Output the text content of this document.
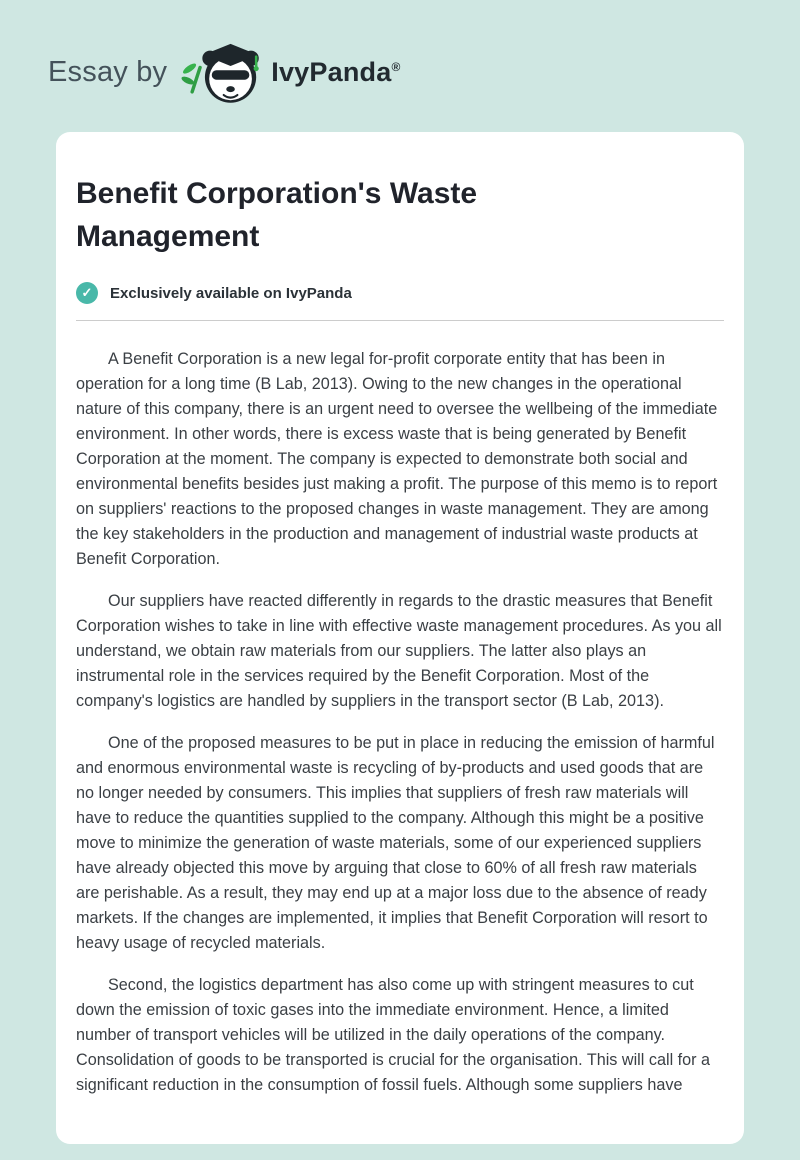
Essay by	IvyPanda®
Benefit Corporation's Waste Management
✓	Exclusively available on IvyPanda

A Benefit Corporation is a new legal for-profit corporate entity that has been in operation for a long time (B Lab, 2013). Owing to the new changes in the operational nature of this company, there is an urgent need to oversee the wellbeing of the immediate environment. In other words, there is excess waste that is being generated by Benefit Corporation at the moment. The company is expected to demonstrate both social and environmental benefits besides just making a profit. The purpose of this memo is to report on suppliers' reactions to the proposed changes in waste management. They are among the key stakeholders in the production and management of industrial waste products at Benefit Corporation.

Our suppliers have reacted differently in regards to the drastic measures that Benefit Corporation wishes to take in line with effective waste management procedures. As you all understand, we obtain raw materials from our suppliers. The latter also plays an instrumental role in the services required by the Benefit Corporation. Most of the company's logistics are handled by suppliers in the transport sector (B Lab, 2013).

One of the proposed measures to be put in place in reducing the emission of harmful and enormous environmental waste is recycling of by-products and used goods that are no longer needed by consumers. This implies that suppliers of fresh raw materials will have to reduce the quantities supplied to the company. Although this might be a positive move to minimize the generation of waste materials, some of our experienced suppliers have already objected this move by arguing that close to 60% of all fresh raw materials are perishable. As a result, they may end up at a major loss due to the absence of ready markets. If the changes are implemented, it implies that Benefit Corporation will resort to heavy usage of recycled materials.

Second, the logistics department has also come up with stringent measures to cut down the emission of toxic gases into the immediate environment. Hence, a limited number of transport vehicles will be utilized in the daily operations of the company. Consolidation of goods to be transported is crucial for the organisation. This will call for a significant reduction in the consumption of fossil fuels. Although some suppliers have
